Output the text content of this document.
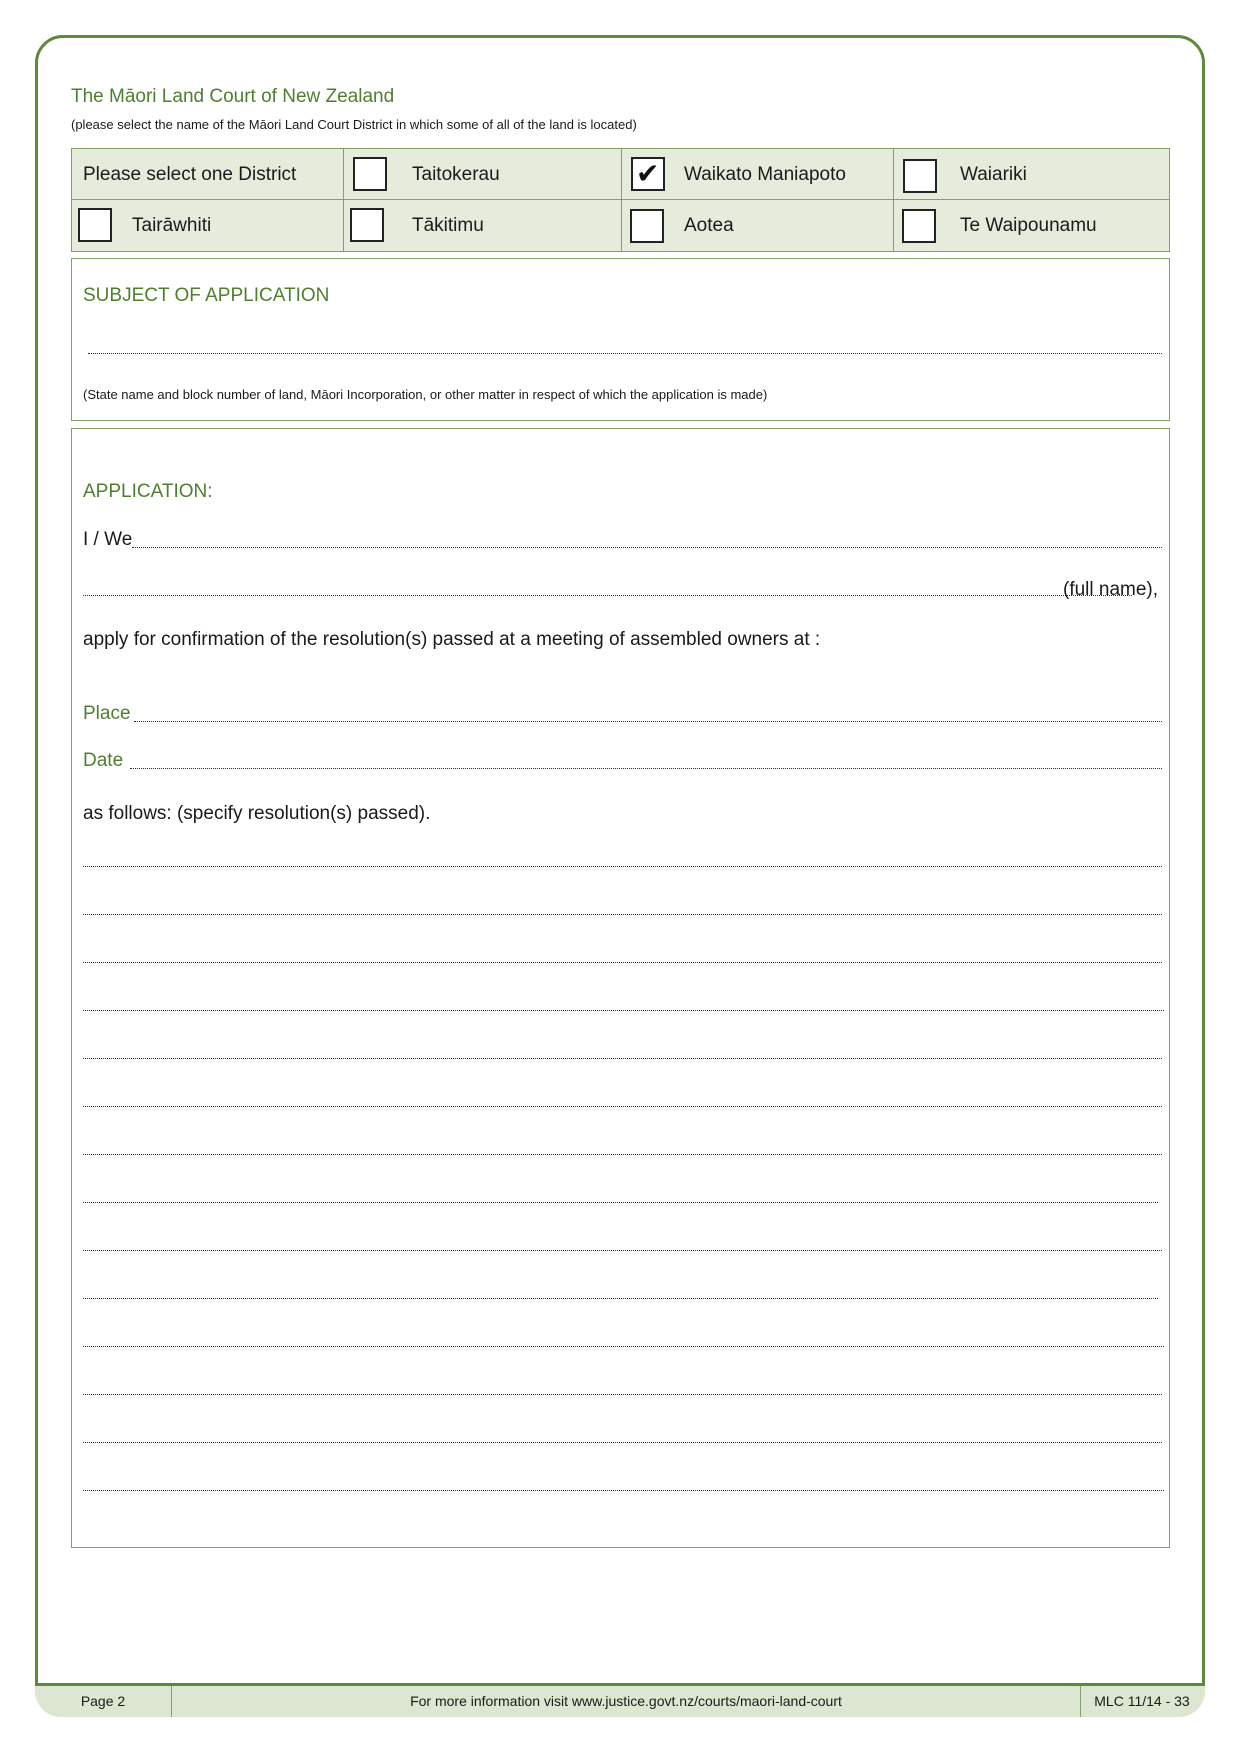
The Māori Land Court of New Zealand
(please select the name of the Māori Land Court District in which some of all of the land is located)
Please select one District	Taitokerau	✔ Waikato Maniapoto	Waiariki
Tairāwhiti	Tākitimu	Aotea	Te Waipounamu
SUBJECT OF APPLICATION
(State name and block number of land, Māori Incorporation, or other matter in respect of which the application is made)
APPLICATION:
I / We
(full name),
apply for confirmation of the resolution(s) passed at a meeting of assembled owners at :
Place
Date
as follows: (specify resolution(s) passed).
Page 2	For more information visit www.justice.govt.nz/courts/maori-land-court	MLC 11/14 - 33
